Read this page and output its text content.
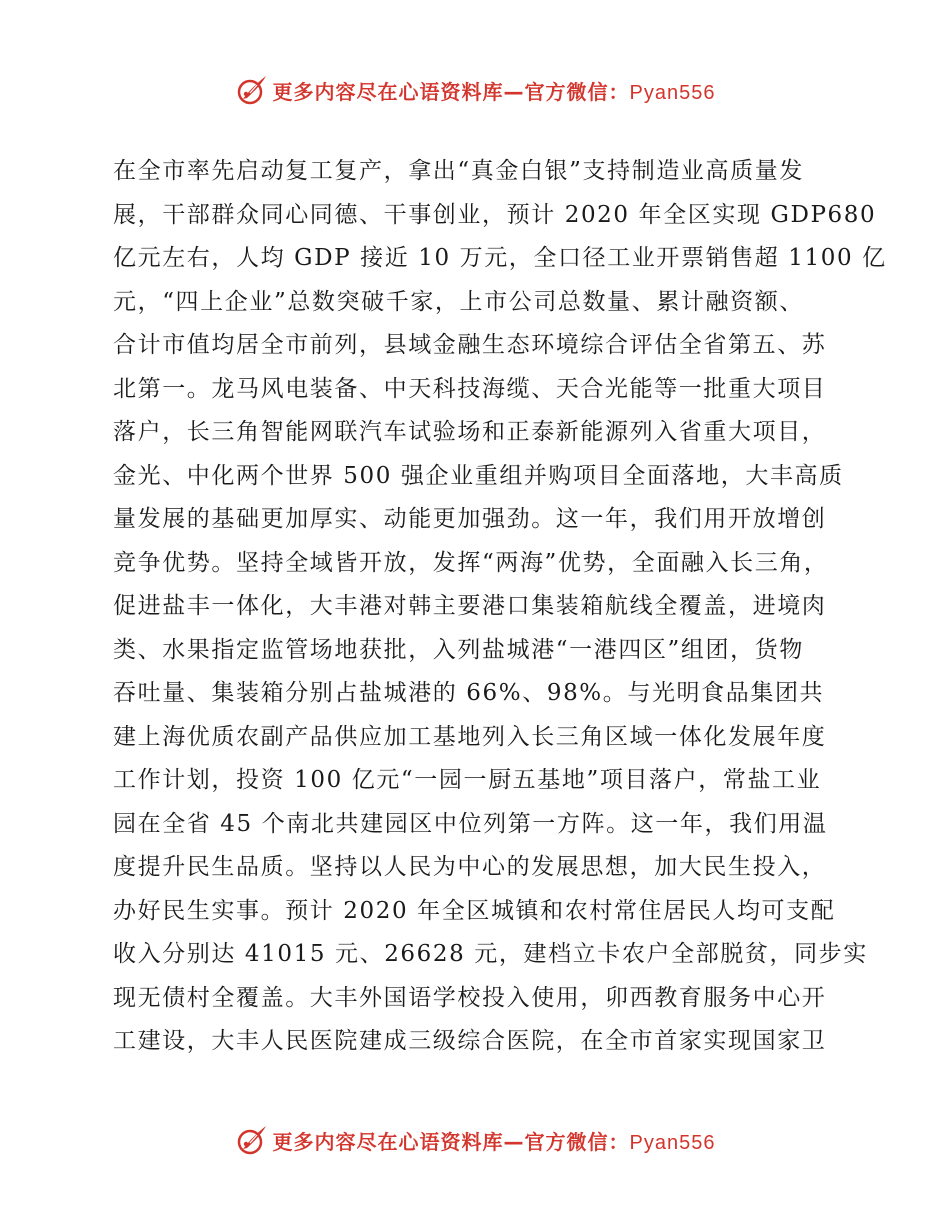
更多内容尽在心语资料库—官方微信：Pyan556
在全市率先启动复工复产，拿出“真金白银”支持制造业高质量发
展，干部群众同心同德、干事创业，预计 2020 年全区实现 GDP680
亿元左右，人均 GDP 接近 10 万元，全口径工业开票销售超 1100 亿
元，“四上企业”总数突破千家，上市公司总数量、累计融资额、
合计市值均居全市前列，县域金融生态环境综合评估全省第五、苏
北第一。龙马风电装备、中天科技海缆、天合光能等一批重大项目
落户，长三角智能网联汽车试验场和正泰新能源列入省重大项目，
金光、中化两个世界 500 强企业重组并购项目全面落地，大丰高质
量发展的基础更加厚实、动能更加强劲。这一年，我们用开放增创
竞争优势。坚持全域皆开放，发挥“两海”优势，全面融入长三角，
促进盐丰一体化，大丰港对韩主要港口集装箱航线全覆盖，进境肉
类、水果指定监管场地获批，入列盐城港“一港四区”组团，货物
吞吐量、集装箱分别占盐城港的 66%、98%。与光明食品集团共
建上海优质农副产品供应加工基地列入长三角区域一体化发展年度
工作计划，投资 100 亿元“一园一厨五基地”项目落户，常盐工业
园在全省 45 个南北共建园区中位列第一方阵。这一年，我们用温
度提升民生品质。坚持以人民为中心的发展思想，加大民生投入，
办好民生实事。预计 2020 年全区城镇和农村常住居民人均可支配
收入分别达 41015 元、26628 元，建档立卡农户全部脱贫，同步实
现无债村全覆盖。大丰外国语学校投入使用，卯西教育服务中心开
工建设，大丰人民医院建成三级综合医院，在全市首家实现国家卫
更多内容尽在心语资料库—官方微信：Pyan556
